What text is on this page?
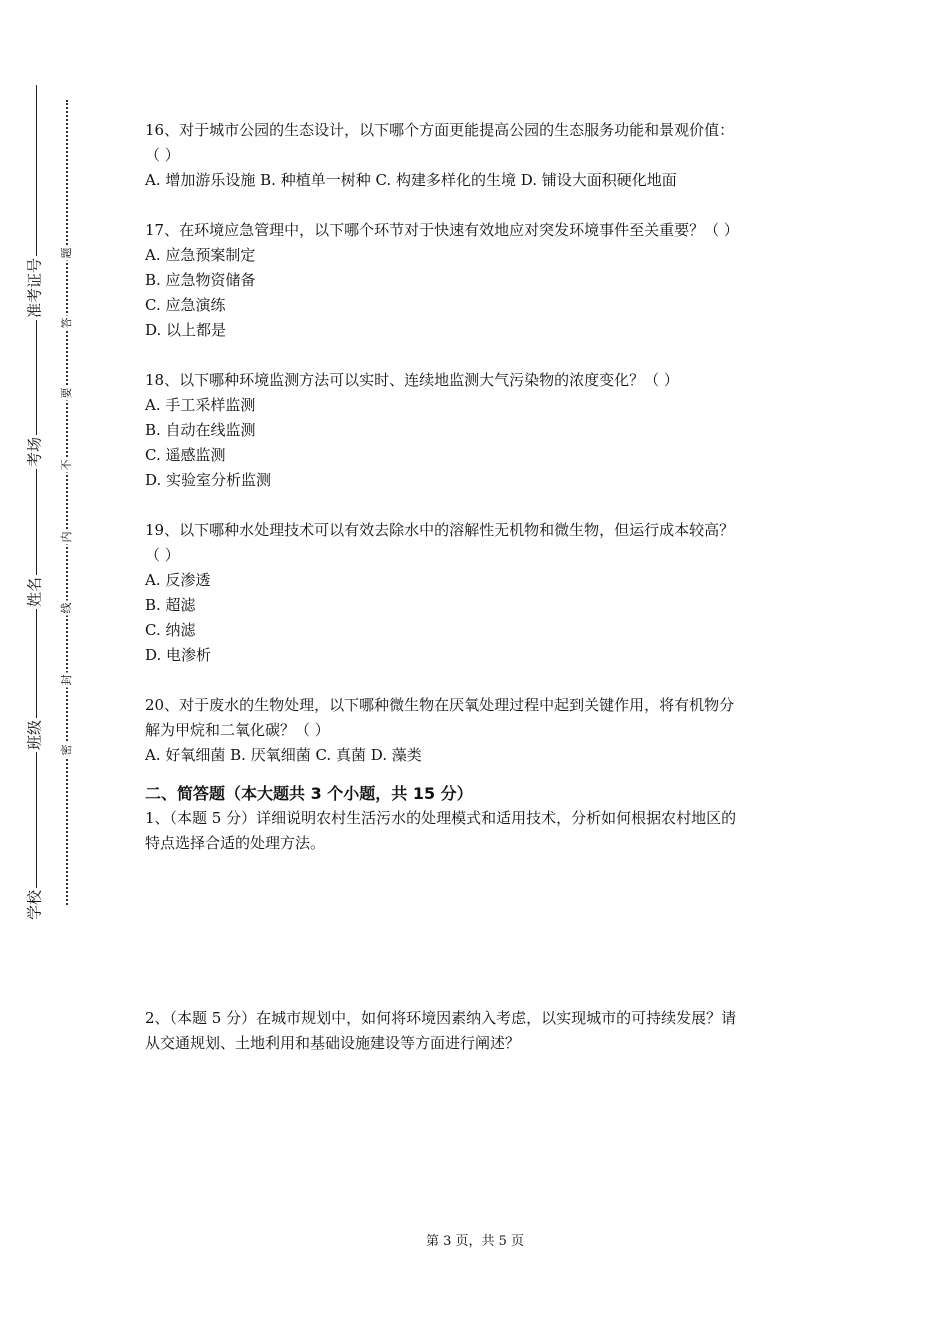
准考证号
考场
姓名
班级
学校
题
答
要
不
内
线
封
密

16、对于城市公园的生态设计，以下哪个方面更能提高公园的生态服务功能和景观价值：

（ ）

A. 增加游乐设施 B. 种植单一树种 C. 构建多样化的生境 D. 铺设大面积硬化地面

17、在环境应急管理中，以下哪个环节对于快速有效地应对突发环境事件至关重要？（ ）

A. 应急预案制定

B. 应急物资储备

C. 应急演练

D. 以上都是

18、以下哪种环境监测方法可以实时、连续地监测大气污染物的浓度变化？（ ）

A. 手工采样监测

B. 自动在线监测

C. 遥感监测

D. 实验室分析监测

19、以下哪种水处理技术可以有效去除水中的溶解性无机物和微生物，但运行成本较高？

（ ）

A. 反渗透

B. 超滤

C. 纳滤

D. 电渗析

20、对于废水的生物处理，以下哪种微生物在厌氧处理过程中起到关键作用，将有机物分

解为甲烷和二氧化碳？（ ）

A. 好氧细菌 B. 厌氧细菌 C. 真菌 D. 藻类

二、简答题（本大题共 3 个小题，共 15 分）

1、（本题 5 分）详细说明农村生活污水的处理模式和适用技术，分析如何根据农村地区的

特点选择合适的处理方法。

2、（本题 5 分）在城市规划中，如何将环境因素纳入考虑，以实现城市的可持续发展？请

从交通规划、土地利用和基础设施建设等方面进行阐述？

第 3 页，共 5 页
